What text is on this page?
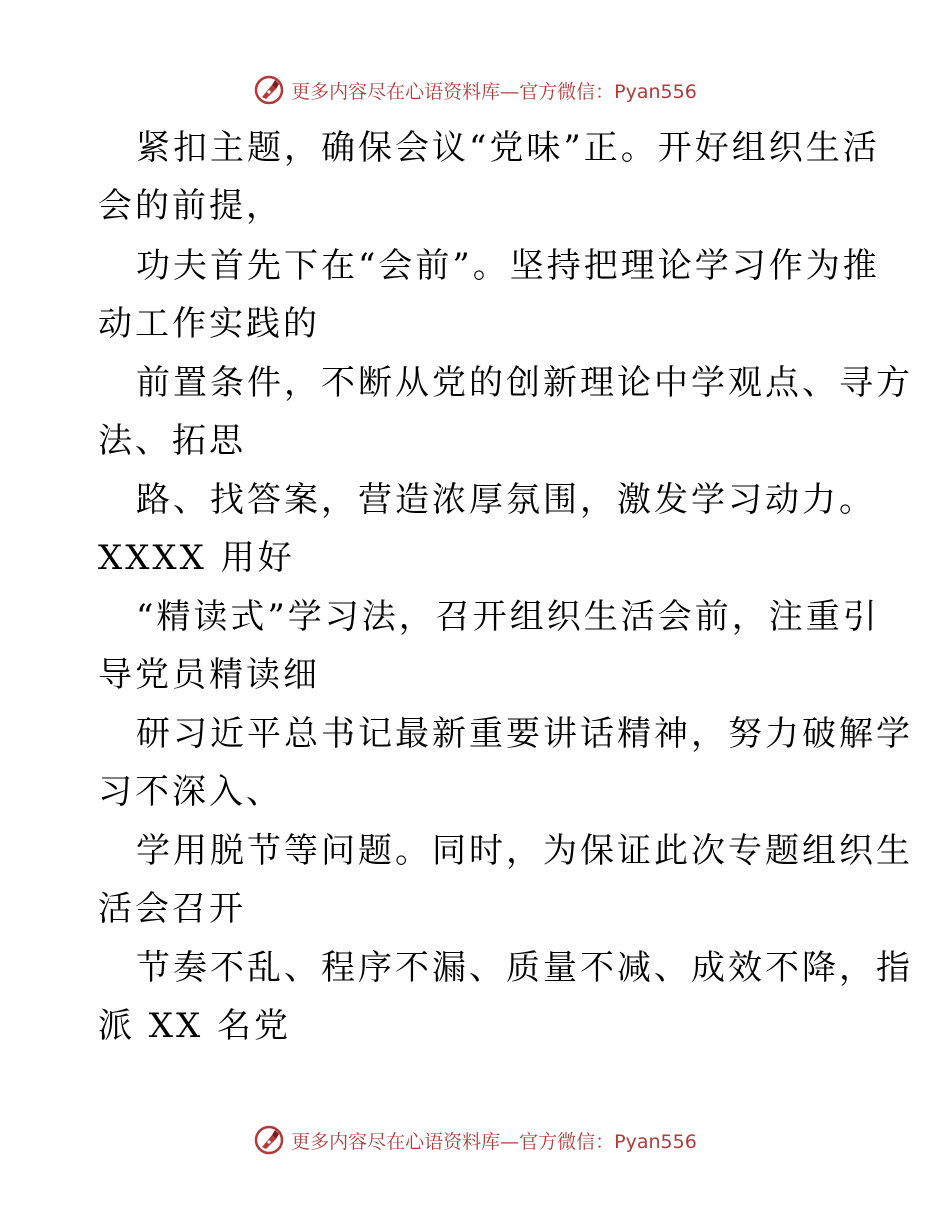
更多内容尽在心语资料库—官方微信：Pyan556
紧扣主题，确保会议“党味”正。开好组织生活
会的前提，
功夫首先下在“会前”。坚持把理论学习作为推
动工作实践的
前置条件，不断从党的创新理论中学观点、寻方
法、拓思
路、找答案，营造浓厚氛围，激发学习动力。
XXXX 用好
“精读式”学习法，召开组织生活会前，注重引
导党员精读细
研习近平总书记最新重要讲话精神，努力破解学
习不深入、
学用脱节等问题。同时，为保证此次专题组织生
活会召开
节奏不乱、程序不漏、质量不减、成效不降，指
派 XX 名党
更多内容尽在心语资料库—官方微信：Pyan556
